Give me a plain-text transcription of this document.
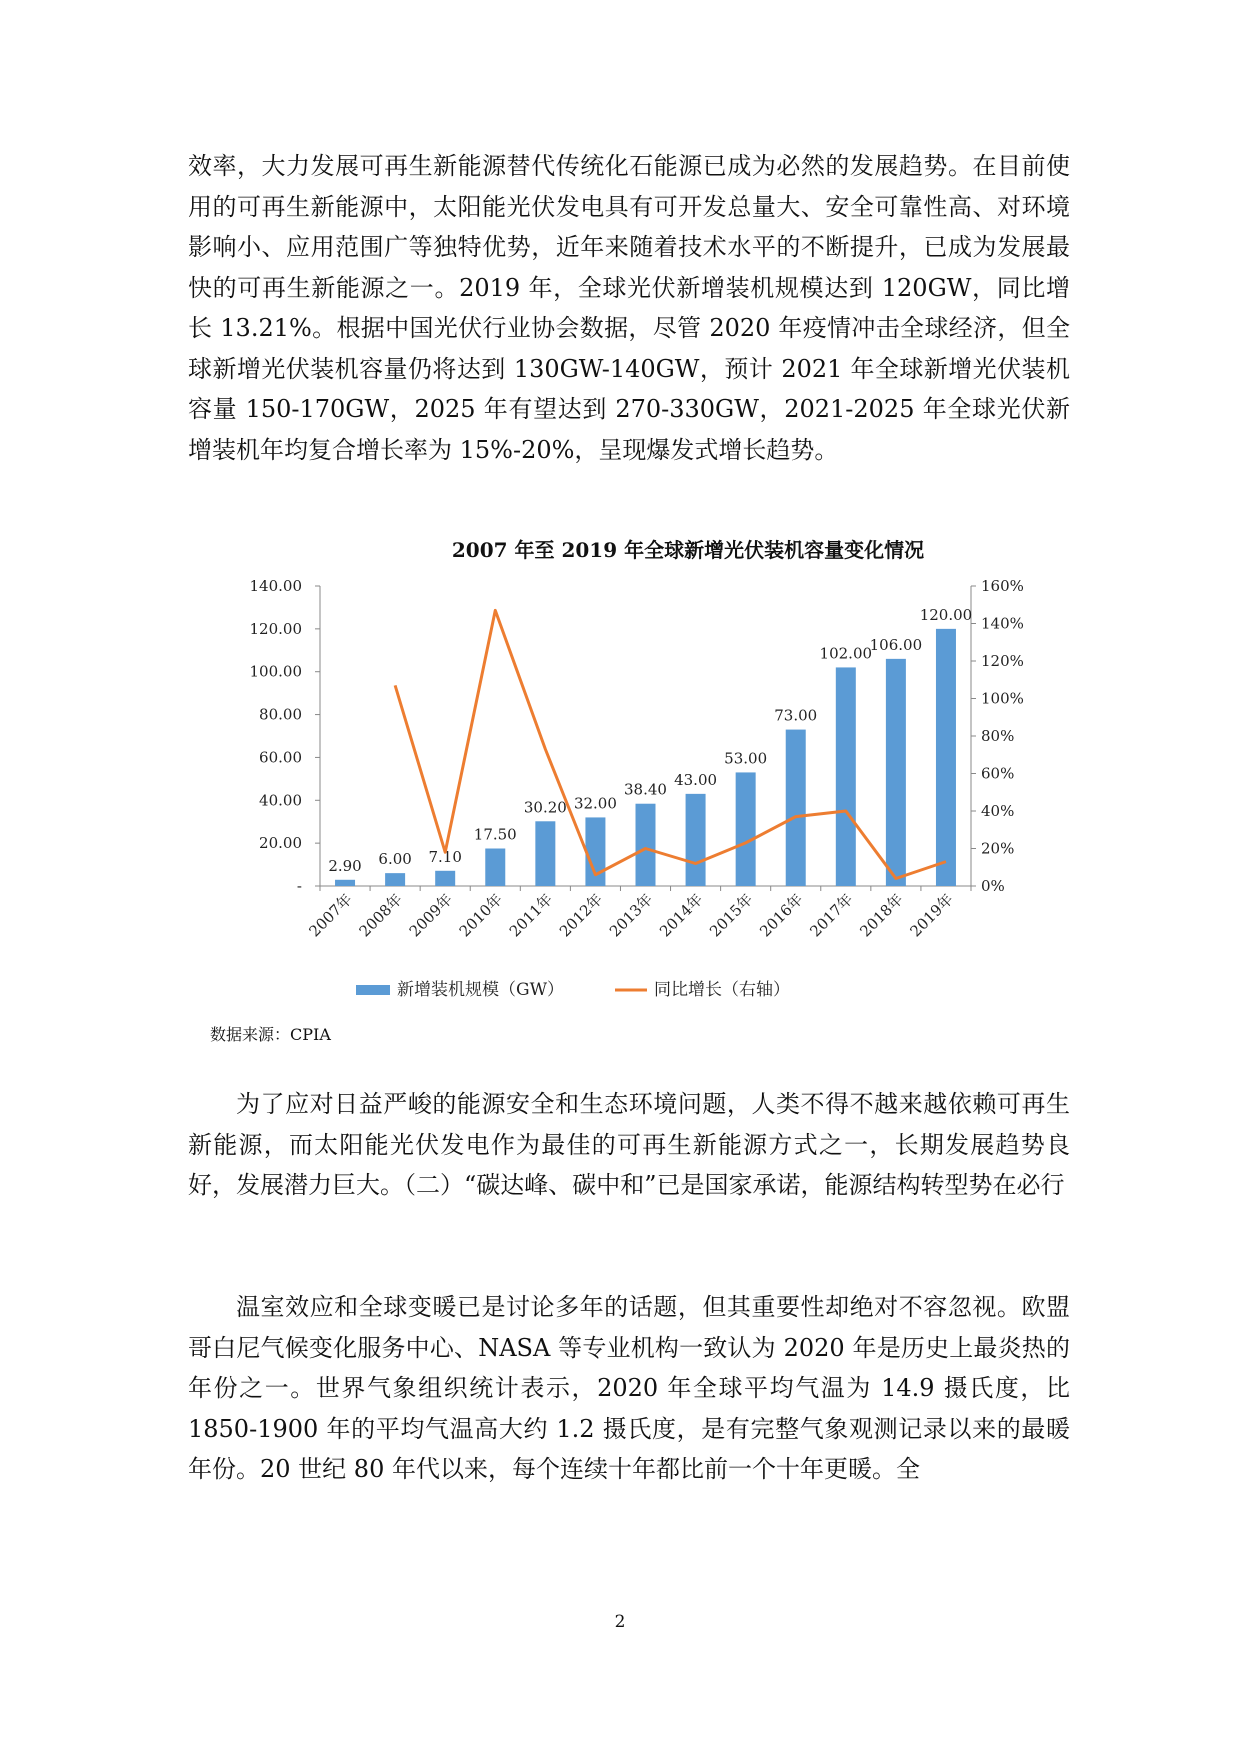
效率，大力发展可再生新能源替代传统化石能源已成为必然的发展趋势。在目前使用的可再生新能源中，太阳能光伏发电具有可开发总量大、安全可靠性高、对环境影响小、应用范围广等独特优势，近年来随着技术水平的不断提升，已成为发展最快的可再生新能源之一。2019 年，全球光伏新增装机规模达到 120GW，同比增长 13.21%。根据中国光伏行业协会数据，尽管 2020 年疫情冲击全球经济，但全球新增光伏装机容量仍将达到 130GW-140GW，预计 2021 年全球新增光伏装机容量 150-170GW，2025 年有望达到 270-330GW，2021-2025 年全球光伏新增装机年均复合增长率为 15%-20%，呈现爆发式增长趋势。

2007 年至 2019 年全球新增光伏装机容量变化情况
-
20.00
40.00
60.00
80.00
100.00
120.00
140.00
0%
20%
40%
60%
80%
100%
120%
140%
160%
2007年 2008年 2009年 2010年 2011年 2012年 2013年 2014年 2015年 2016年 2017年 2018年 2019年
2.90 6.00 7.10
17.50
30.20 32.00
38.40
43.00
53.00
73.00
102.00
106.00
120.00
新增装机规模（GW）	同比增长（右轴）

数据来源：CPIA

为了应对日益严峻的能源安全和生态环境问题，人类不得不越来越依赖可再生新能源，而太阳能光伏发电作为最佳的可再生新能源方式之一，长期发展趋势良好，发展潜力巨大。（二）“碳达峰、碳中和”已是国家承诺，能源结构转型势在必行

温室效应和全球变暖已是讨论多年的话题，但其重要性却绝对不容忽视。欧盟哥白尼气候变化服务中心、NASA 等专业机构一致认为 2020 年是历史上最炎热的年份之一。世界气象组织统计表示，2020 年全球平均气温为 14.9 摄氏度，比 1850-1900 年的平均气温高大约 1.2 摄氏度，是有完整气象观测记录以来的最暖年份。20 世纪 80 年代以来，每个连续十年都比前一个十年更暖。全

2
